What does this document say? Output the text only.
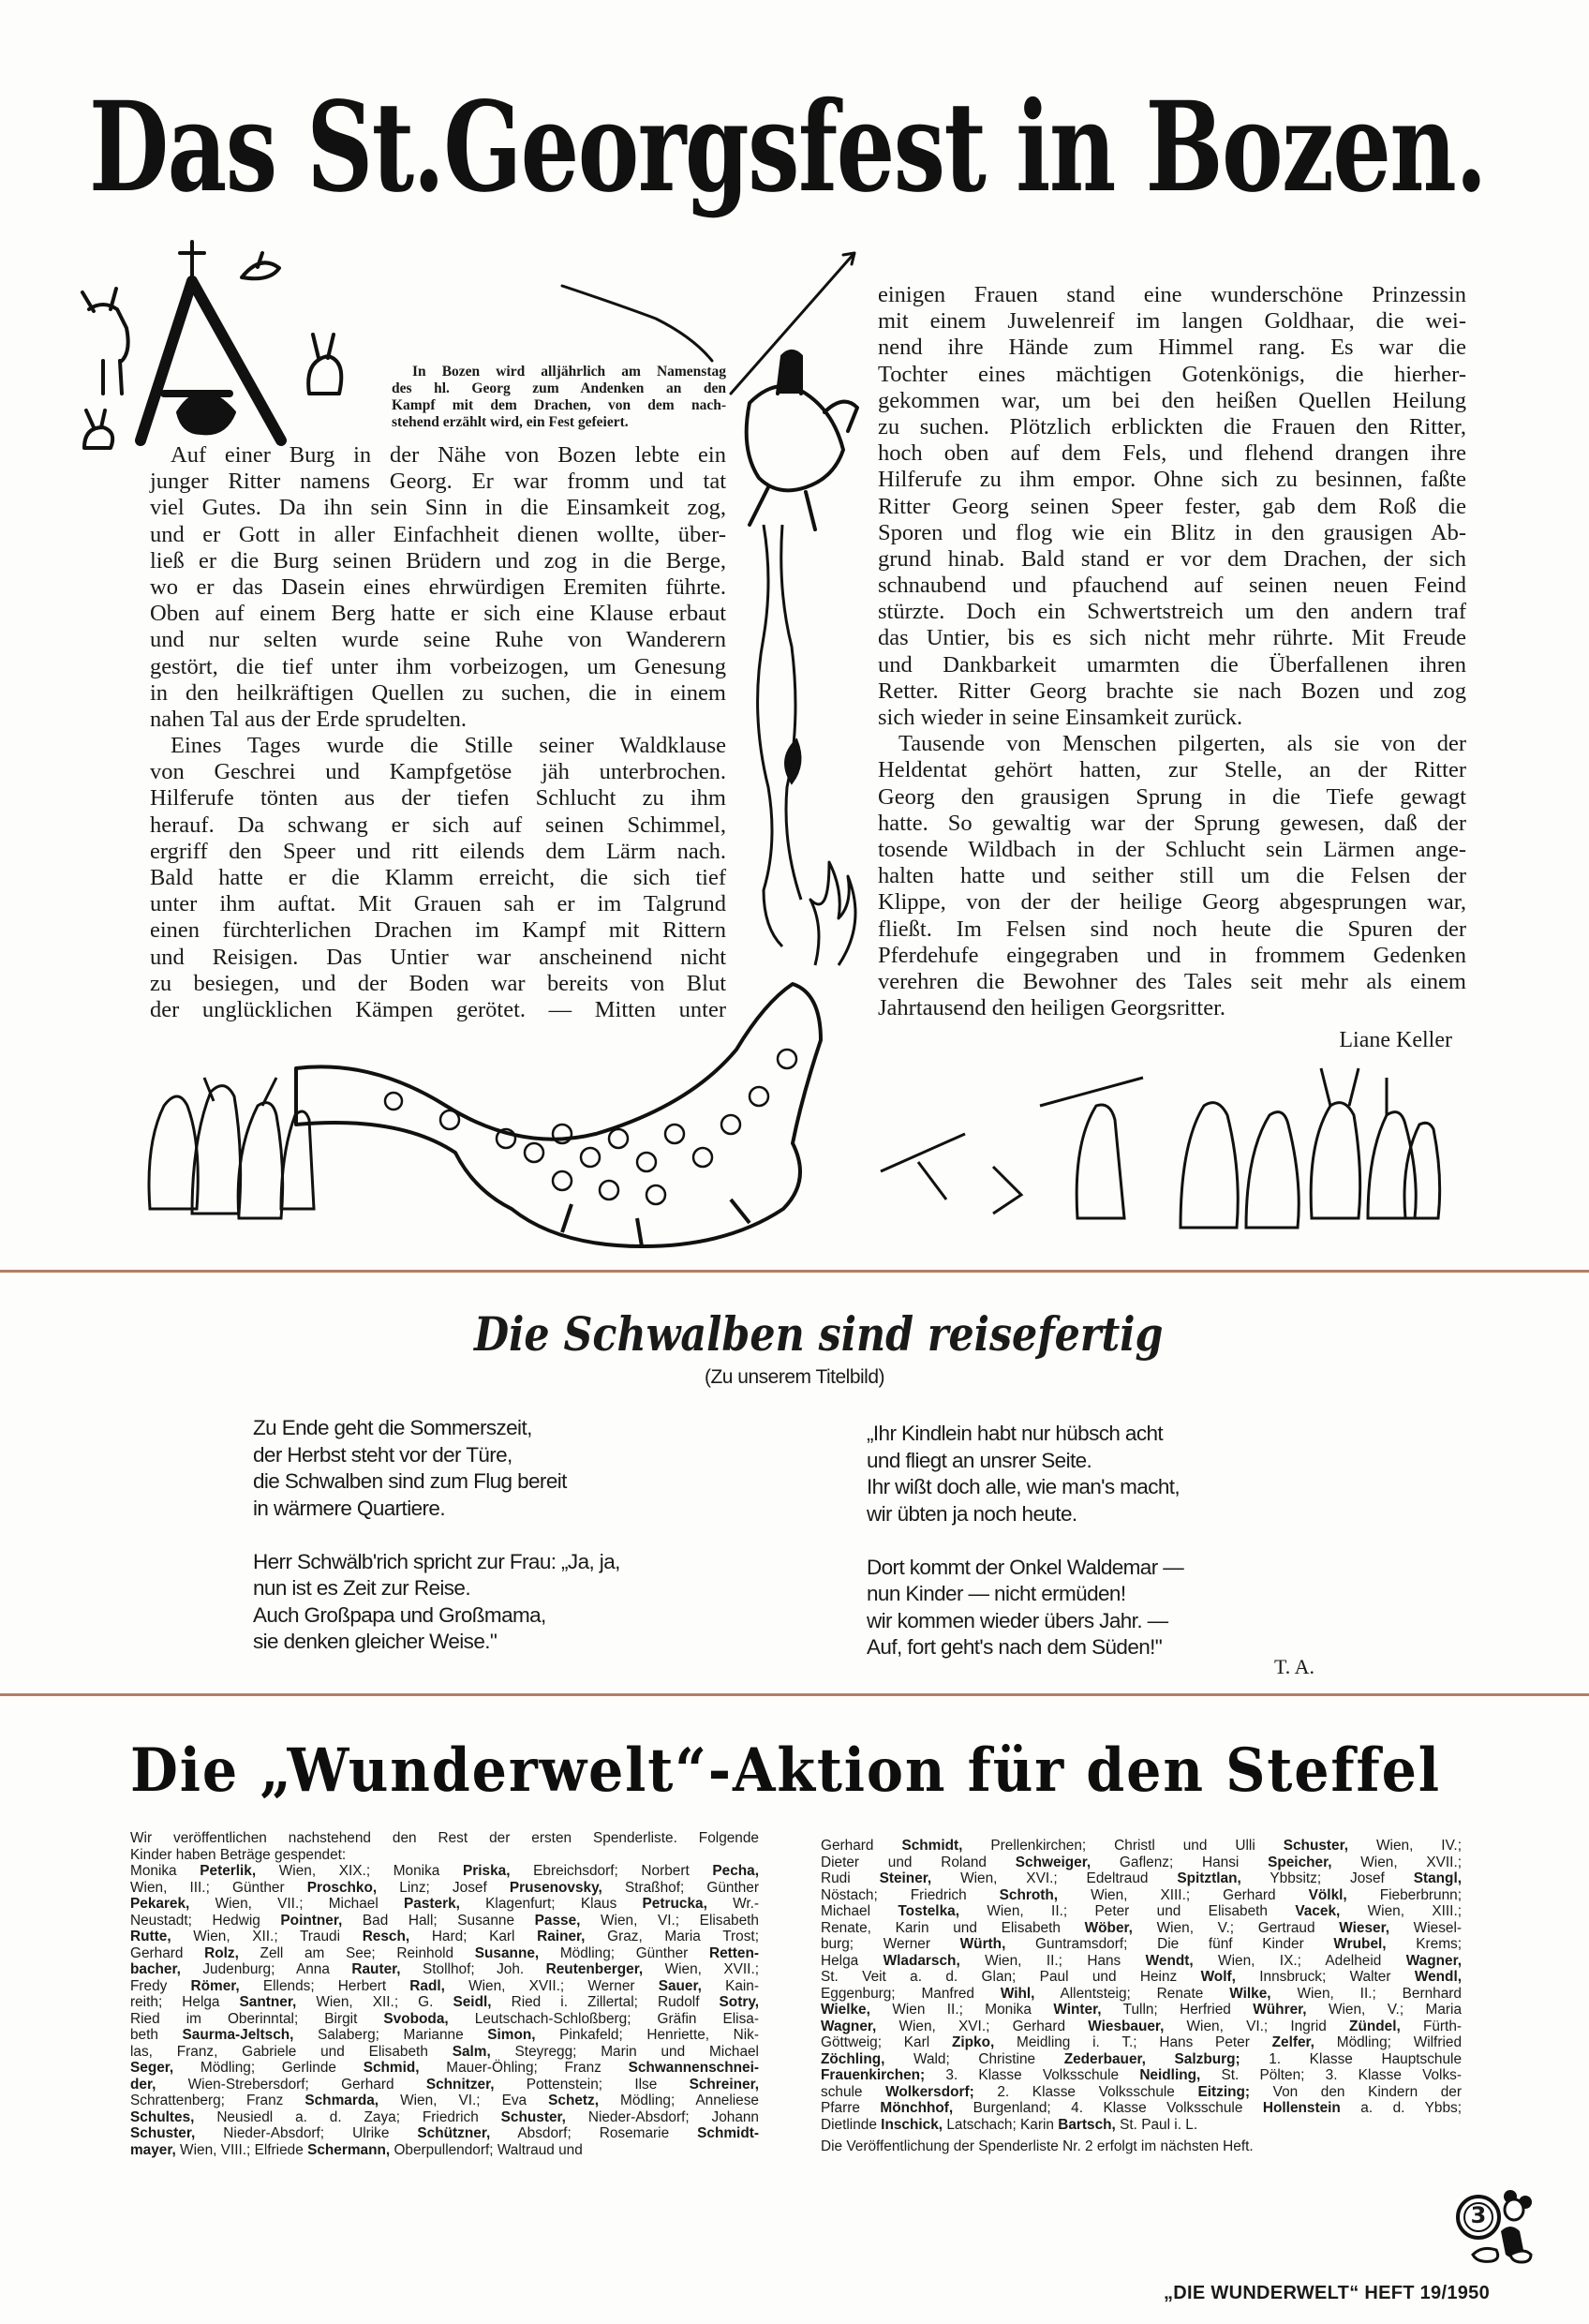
Das St.Georgsfest in Bozen.
In Bozen wird alljährlich am Namenstag
des hl. Georg zum Andenken an den
Kampf mit dem Drachen, von dem nach-
stehend erzählt wird, ein Fest gefeiert.
Auf einer Burg in der Nähe von Bozen lebte ein
junger Ritter namens Georg. Er war fromm und tat
viel Gutes. Da ihn sein Sinn in die Einsamkeit zog,
und er Gott in aller Einfachheit dienen wollte, über-
ließ er die Burg seinen Brüdern und zog in die Berge,
wo er das Dasein eines ehrwürdigen Eremiten führte.
Oben auf einem Berg hatte er sich eine Klause erbaut
und nur selten wurde seine Ruhe von Wanderern
gestört, die tief unter ihm vorbeizogen, um Genesung
in den heilkräftigen Quellen zu suchen, die in einem
nahen Tal aus der Erde sprudelten.
Eines Tages wurde die Stille seiner Waldklause
von Geschrei und Kampfgetöse jäh unterbrochen.
Hilferufe tönten aus der tiefen Schlucht zu ihm
herauf. Da schwang er sich auf seinen Schimmel,
ergriff den Speer und ritt eilends dem Lärm nach.
Bald hatte er die Klamm erreicht, die sich tief
unter ihm auftat. Mit Grauen sah er im Talgrund
einen fürchterlichen Drachen im Kampf mit Rittern
und Reisigen. Das Untier war anscheinend nicht
zu besiegen, und der Boden war bereits von Blut
der unglücklichen Kämpen gerötet. — Mitten unter
einigen Frauen stand eine wunderschöne Prinzessin
mit einem Juwelenreif im langen Goldhaar, die wei-
nend ihre Hände zum Himmel rang. Es war die
Tochter eines mächtigen Gotenkönigs, die hierher-
gekommen war, um bei den heißen Quellen Heilung
zu suchen. Plötzlich erblickten die Frauen den Ritter,
hoch oben auf dem Fels, und flehend drangen ihre
Hilferufe zu ihm empor. Ohne sich zu besinnen, faßte
Ritter Georg seinen Speer fester, gab dem Roß die
Sporen und flog wie ein Blitz in den grausigen Ab-
grund hinab. Bald stand er vor dem Drachen, der sich
schnaubend und pfauchend auf seinen neuen Feind
stürzte. Doch ein Schwertstreich um den andern traf
das Untier, bis es sich nicht mehr rührte. Mit Freude
und Dankbarkeit umarmten die Überfallenen ihren
Retter. Ritter Georg brachte sie nach Bozen und zog
sich wieder in seine Einsamkeit zurück.
Tausende von Menschen pilgerten, als sie von der
Heldentat gehört hatten, zur Stelle, an der Ritter
Georg den grausigen Sprung in die Tiefe gewagt
hatte. So gewaltig war der Sprung gewesen, daß der
tosende Wildbach in der Schlucht sein Lärmen ange-
halten hatte und seither still um die Felsen der
Klippe, von der der heilige Georg abgesprungen war,
fließt. Im Felsen sind noch heute die Spuren der
Pferdehufe eingegraben und in frommem Gedenken
verehren die Bewohner des Tales seit mehr als einem
Jahrtausend den heiligen Georgsritter.
Liane Keller
Die Schwalben sind reisefertig
(Zu unserem Titelbild)
Zu Ende geht die Sommerszeit,
der Herbst steht vor der Türe,
die Schwalben sind zum Flug bereit
in wärmere Quartiere.
Herr Schwälb'rich spricht zur Frau: „Ja, ja,
nun ist es Zeit zur Reise.
Auch Großpapa und Großmama,
sie denken gleicher Weise."
„Ihr Kindlein habt nur hübsch acht
und fliegt an unsrer Seite.
Ihr wißt doch alle, wie man's macht,
wir übten ja noch heute.
Dort kommt der Onkel Waldemar —
nun Kinder — nicht ermüden!
wir kommen wieder übers Jahr. —
Auf, fort geht's nach dem Süden!"
T. A.
Die „Wunderwelt“-Aktion für den Steffel
Wir veröffentlichen nachstehend den Rest der ersten Spenderliste. Folgende
Kinder haben Beträge gespendet:
Monika Peterlik, Wien, XIX.; Monika Priska, Ebreichsdorf; Norbert Pecha,
Wien, III.; Günther Proschko, Linz; Josef Prusenovsky, Straßhof; Günther
Pekarek, Wien, VII.; Michael Pasterk, Klagenfurt; Klaus Petrucka, Wr.-
Neustadt; Hedwig Pointner, Bad Hall; Susanne Passe, Wien, VI.; Elisabeth
Rutte, Wien, XII.; Traudi Resch, Hard; Karl Rainer, Graz, Maria Trost;
Gerhard Rolz, Zell am See; Reinhold Susanne, Mödling; Günther Retten-
bacher, Judenburg; Anna Rauter, Stollhof; Joh. Reutenberger, Wien, XVII.;
Fredy Römer, Ellends; Herbert Radl, Wien, XVII.; Werner Sauer, Kain-
reith; Helga Santner, Wien, XII.; G. Seidl, Ried i. Zillertal; Rudolf Sotry,
Ried im Oberinntal; Birgit Svoboda, Leutschach-Schloßberg; Gräfin Elisa-
beth Saurma-Jeltsch, Salaberg; Marianne Simon, Pinkafeld; Henriette, Nik-
las, Franz, Gabriele und Elisabeth Salm, Steyregg; Marin und Michael
Seger, Mödling; Gerlinde Schmid, Mauer-Öhling; Franz Schwannenschnei-
der, Wien-Strebersdorf; Gerhard Schnitzer, Pottenstein; Ilse Schreiner,
Schrattenberg; Franz Schmarda, Wien, VI.; Eva Schetz, Mödling; Anneliese
Schultes, Neusiedl a. d. Zaya; Friedrich Schuster, Nieder-Absdorf; Johann
Schuster, Nieder-Absdorf; Ulrike Schützner, Absdorf; Rosemarie Schmidt-
mayer, Wien, VIII.; Elfriede Schermann, Oberpullendorf; Waltraud und
Gerhard Schmidt, Prellenkirchen; Christl und Ulli Schuster, Wien, IV.;
Dieter und Roland Schweiger, Gaflenz; Hansi Speicher, Wien, XVII.;
Rudi Steiner, Wien, XVI.; Edeltraud Spitztlan, Ybbsitz; Josef Stangl,
Nöstach; Friedrich Schroth, Wien, XIII.; Gerhard Völkl, Fieberbrunn;
Michael Tostelka, Wien, II.; Peter und Elisabeth Vacek, Wien, XIII.;
Renate, Karin und Elisabeth Wöber, Wien, V.; Gertraud Wieser, Wiesel-
burg; Werner Würth, Guntramsdorf; Die fünf Kinder Wrubel, Krems;
Helga Wladarsch, Wien, II.; Hans Wendt, Wien, IX.; Adelheid Wagner,
St. Veit a. d. Glan; Paul und Heinz Wolf, Innsbruck; Walter Wendl,
Eggenburg; Manfred Wihl, Allentsteig; Renate Wilke, Wien, II.; Bernhard
Wielke, Wien II.; Monika Winter, Tulln; Herfried Wührer, Wien, V.; Maria
Wagner, Wien, XVI.; Gerhard Wiesbauer, Wien, VI.; Ingrid Zündel, Fürth-
Göttweig; Karl Zipko, Meidling i. T.; Hans Peter Zelfer, Mödling; Wilfried
Zöchling, Wald; Christine Zederbauer, Salzburg; 1. Klasse Hauptschule
Frauenkirchen; 3. Klasse Volksschule Neidling, St. Pölten; 3. Klasse Volks-
schule Wolkersdorf; 2. Klasse Volksschule Eitzing; Von den Kindern der
Pfarre Mönchhof, Burgenland; 4. Klasse Volksschule Hollenstein a. d. Ybbs;
Dietlinde Inschick, Latschach; Karin Bartsch, St. Paul i. L.
Die Veröffentlichung der Spenderliste Nr. 2 erfolgt im nächsten Heft.
3
„DIE WUNDERWELT“ HEFT 19/1950
